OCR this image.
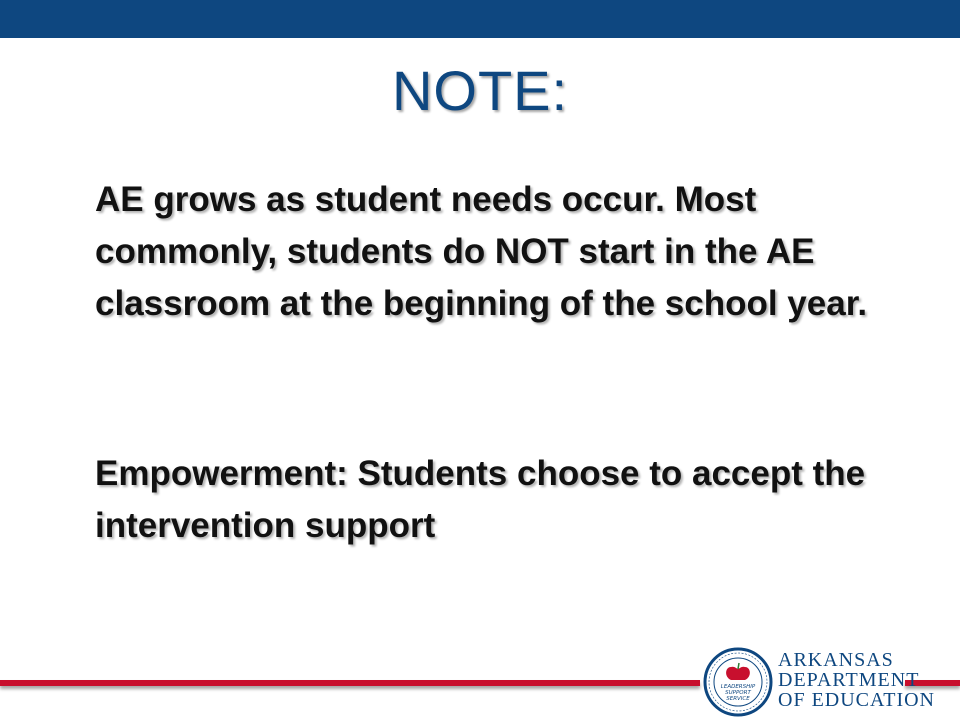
NOTE:

AE grows as student needs occur. Most commonly, students do NOT start in the AE classroom at the beginning of the school year.

Empowerment: Students choose to accept the intervention support

LEADERSHIP
SUPPORT
SERVICE
ARKANSAS
DEPARTMENT
OF EDUCATION
